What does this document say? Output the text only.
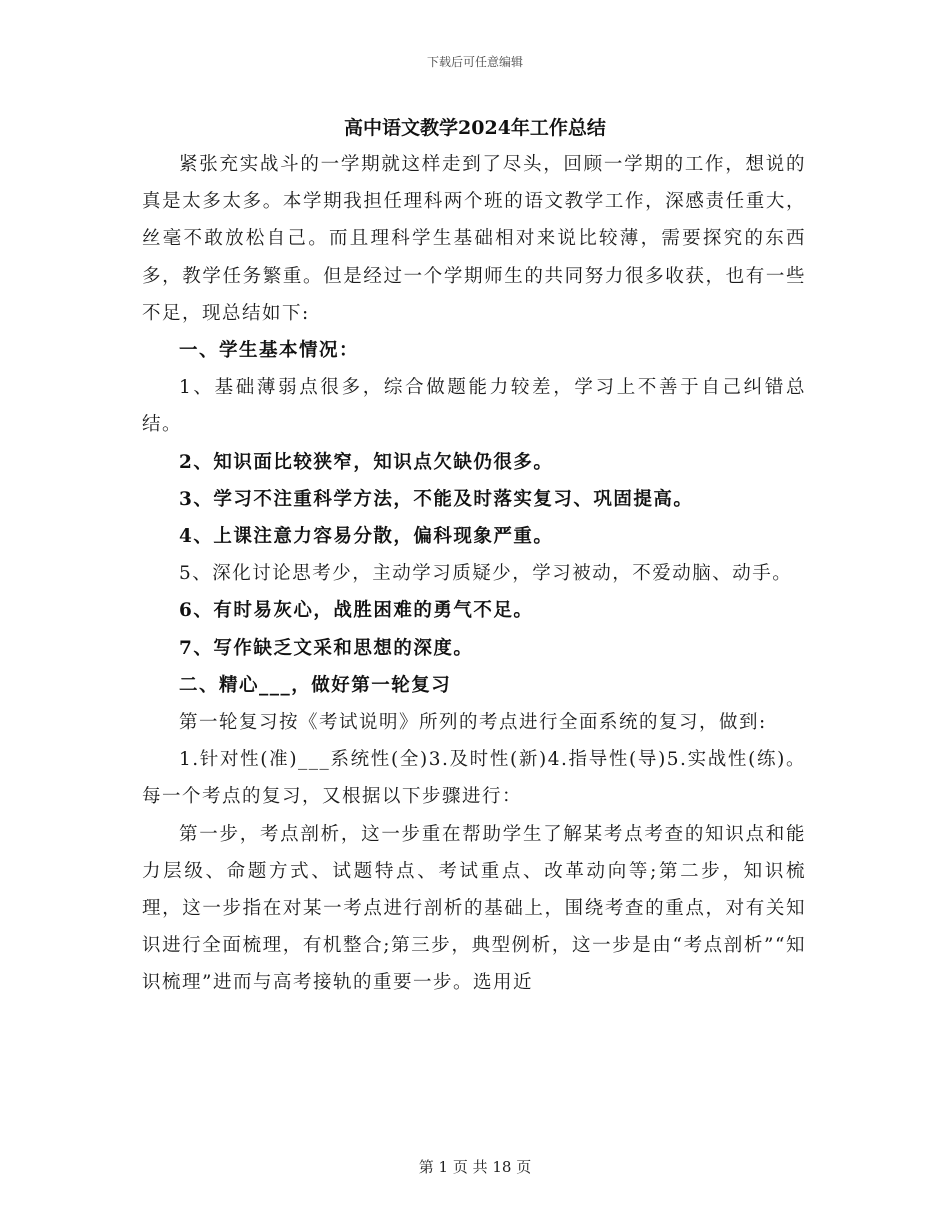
下载后可任意编辑
高中语文教学2024年工作总结

紧张充实战斗的一学期就这样走到了尽头，回顾一学期的工作，想说的真是太多太多。本学期我担任理科两个班的语文教学工作，深感责任重大，丝毫不敢放松自己。而且理科学生基础相对来说比较薄，需要探究的东西多，教学任务繁重。但是经过一个学期师生的共同努力很多收获，也有一些不足，现总结如下:

一、学生基本情况：

1、基础薄弱点很多，综合做题能力较差，学习上不善于自己纠错总结。

2、知识面比较狭窄，知识点欠缺仍很多。

3、学习不注重科学方法，不能及时落实复习、巩固提高。

4、上课注意力容易分散，偏科现象严重。

5、深化讨论思考少，主动学习质疑少，学习被动，不爱动脑、动手。

6、有时易灰心，战胜困难的勇气不足。

7、写作缺乏文采和思想的深度。

二、精心___，做好第一轮复习

第一轮复习按《考试说明》所列的考点进行全面系统的复习，做到:

1.针对性(准)___系统性(全)3.及时性(新)4.指导性(导)5.实战性(练)。每一个考点的复习，又根据以下步骤进行：

第一步，考点剖析，这一步重在帮助学生了解某考点考查的知识点和能力层级、命题方式、试题特点、考试重点、改革动向等;第二步，知识梳理，这一步指在对某一考点进行剖析的基础上，围绕考查的重点，对有关知识进行全面梳理，有机整合;第三步，典型例析，这一步是由“考点剖析”“知识梳理”进而与高考接轨的重要一步。选用近

第 1 页 共 18 页
